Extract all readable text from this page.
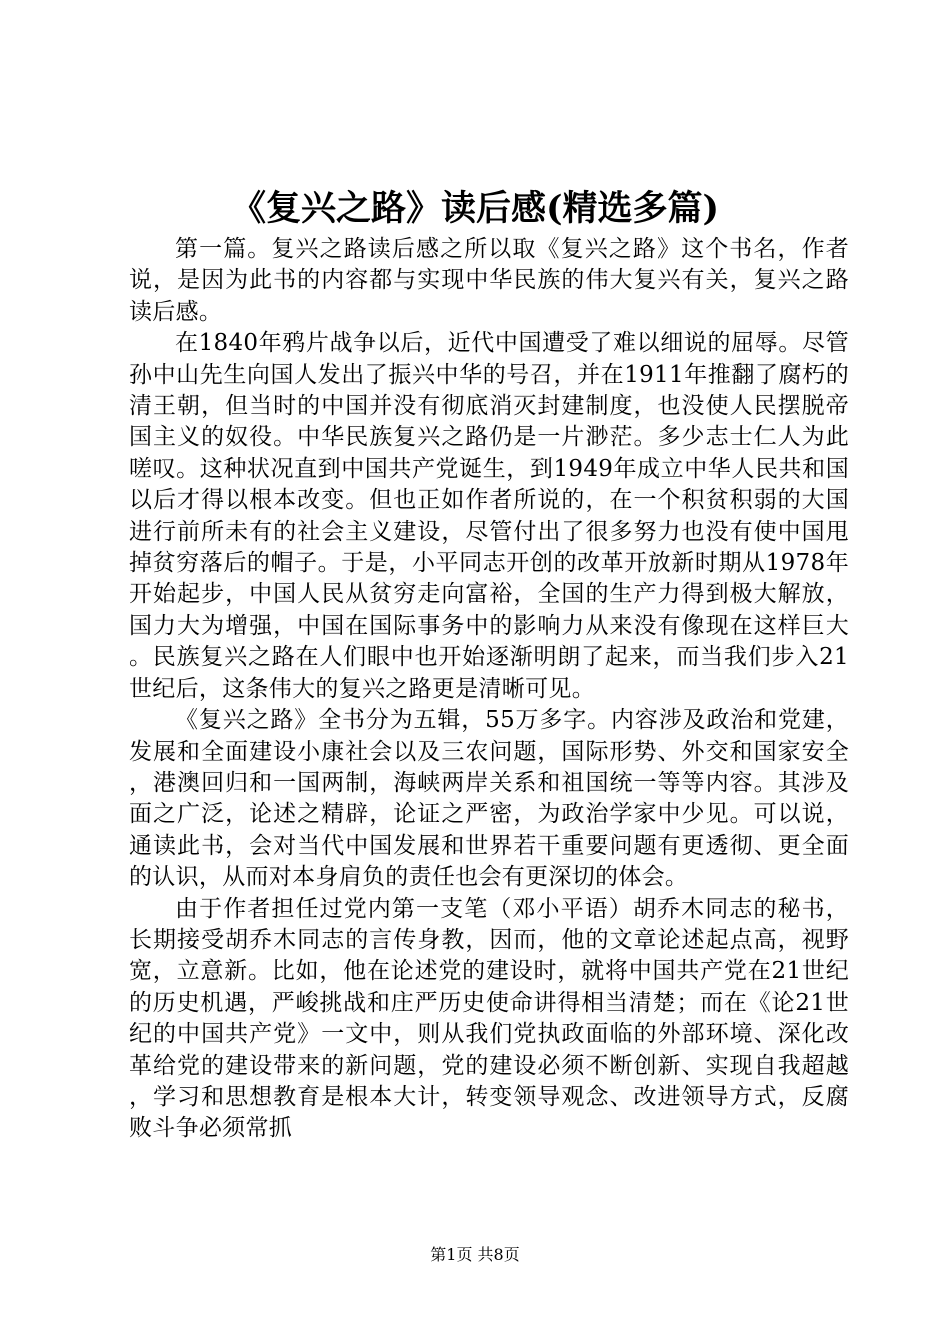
《复兴之路》读后感(精选多篇)

第一篇。复兴之路读后感之所以取《复兴之路》这个书名，作者说，是因为此书的内容都与实现中华民族的伟大复兴有关，复兴之路读后感。

在1840年鸦片战争以后，近代中国遭受了难以细说的屈辱。尽管孙中山先生向国人发出了振兴中华的号召，并在1911年推翻了腐朽的清王朝，但当时的中国并没有彻底消灭封建制度，也没使人民摆脱帝国主义的奴役。中华民族复兴之路仍是一片渺茫。多少志士仁人为此嗟叹。这种状况直到中国共产党诞生，到1949年成立中华人民共和国以后才得以根本改变。但也正如作者所说的，在一个积贫积弱的大国进行前所未有的社会主义建设，尽管付出了很多努力也没有使中国甩掉贫穷落后的帽子。于是，小平同志开创的改革开放新时期从1978年开始起步，中国人民从贫穷走向富裕，全国的生产力得到极大解放，国力大为增强，中国在国际事务中的影响力从来没有像现在这样巨大。民族复兴之路在人们眼中也开始逐渐明朗了起来，而当我们步入21世纪后，这条伟大的复兴之路更是清晰可见。

《复兴之路》全书分为五辑，55万多字。内容涉及政治和党建，发展和全面建设小康社会以及三农问题，国际形势、外交和国家安全，港澳回归和一国两制，海峡两岸关系和祖国统一等等内容。其涉及面之广泛，论述之精辟，论证之严密，为政治学家中少见。可以说，通读此书，会对当代中国发展和世界若干重要问题有更透彻、更全面的认识，从而对本身肩负的责任也会有更深切的体会。

由于作者担任过党内第一支笔（邓小平语）胡乔木同志的秘书，长期接受胡乔木同志的言传身教，因而，他的文章论述起点高，视野宽，立意新。比如，他在论述党的建设时，就将中国共产党在21世纪的历史机遇，严峻挑战和庄严历史使命讲得相当清楚；而在《论21世纪的中国共产党》一文中，则从我们党执政面临的外部环境、深化改革给党的建设带来的新问题，党的建设必须不断创新、实现自我超越，学习和思想教育是根本大计，转变领导观念、改进领导方式，反腐败斗争必须常抓

第1页 共8页
